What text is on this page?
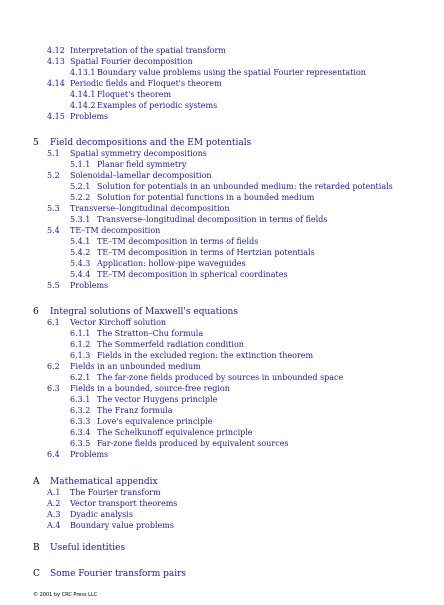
4.12 Interpretation of the spatial transform
4.13 Spatial Fourier decomposition
4.13.1 Boundary value problems using the spatial Fourier representation
4.14 Periodic fields and Floquet's theorem
4.14.1 Floquet's theorem
4.14.2 Examples of periodic systems
4.15 Problems
5 Field decompositions and the EM potentials
5.1 Spatial symmetry decompositions
5.1.1 Planar field symmetry
5.2 Solenoidal–lamellar decomposition
5.2.1 Solution for potentials in an unbounded medium: the retarded potentials
5.2.2 Solution for potential functions in a bounded medium
5.3 Transverse–longitudinal decomposition
5.3.1 Transverse–longitudinal decomposition in terms of fields
5.4 TE–TM decomposition
5.4.1 TE–TM decomposition in terms of fields
5.4.2 TE–TM decomposition in terms of Hertzian potentials
5.4.3 Application: hollow-pipe waveguides
5.4.4 TE–TM decomposition in spherical coordinates
5.5 Problems
6 Integral solutions of Maxwell's equations
6.1 Vector Kirchoff solution
6.1.1 The Stratton–Chu formula
6.1.2 The Sommerfeld radiation condition
6.1.3 Fields in the excluded region: the extinction theorem
6.2 Fields in an unbounded medium
6.2.1 The far-zone fields produced by sources in unbounded space
6.3 Fields in a bounded, source-free region
6.3.1 The vector Huygens principle
6.3.2 The Franz formula
6.3.3 Love's equivalence principle
6.3.4 The Schelkunoff equivalence principle
6.3.5 Far-zone fields produced by equivalent sources
6.4 Problems
A Mathematical appendix
A.1 The Fourier transform
A.2 Vector transport theorems
A.3 Dyadic analysis
A.4 Boundary value problems
B Useful identities
C Some Fourier transform pairs
© 2001 by CRC Press LLC
